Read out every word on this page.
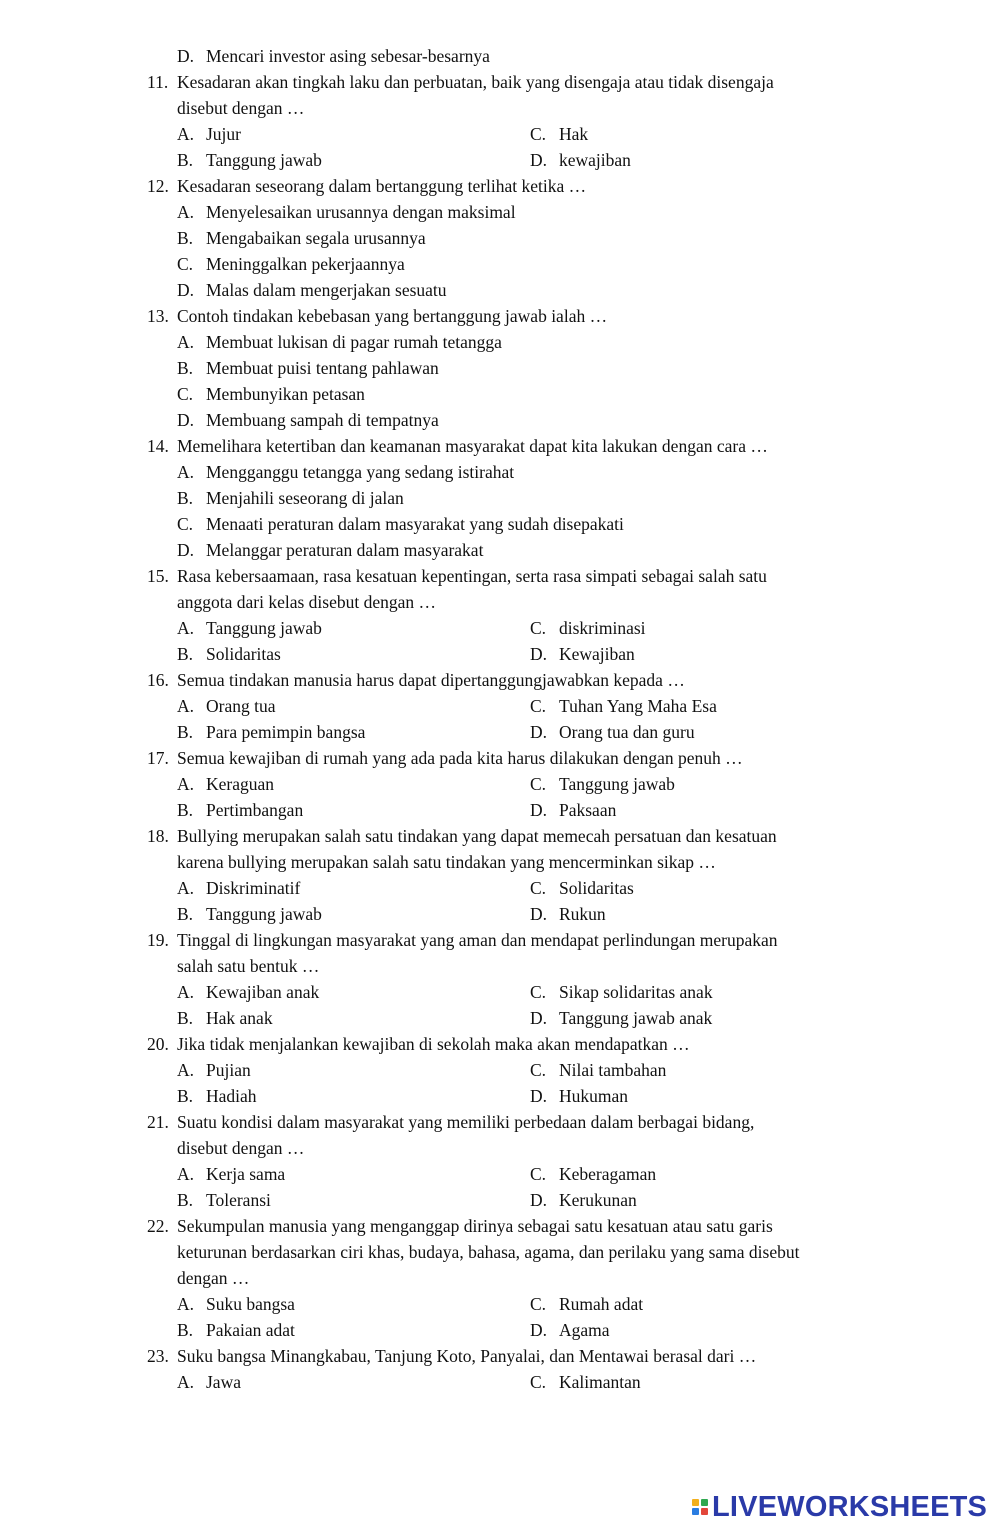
D. Mencari investor asing sebesar-besarnya
11. Kesadaran akan tingkah laku dan perbuatan, baik yang disengaja atau tidak disengaja
disebut dengan …
A. Jujur	C. Hak
B. Tanggung jawab	D. kewajiban
12. Kesadaran seseorang dalam bertanggung terlihat ketika …
A. Menyelesaikan urusannya dengan maksimal
B. Mengabaikan segala urusannya
C. Meninggalkan pekerjaannya
D. Malas dalam mengerjakan sesuatu
13. Contoh tindakan kebebasan yang bertanggung jawab ialah …
A. Membuat lukisan di pagar rumah tetangga
B. Membuat puisi tentang pahlawan
C. Membunyikan petasan
D. Membuang sampah di tempatnya
14. Memelihara ketertiban dan keamanan masyarakat dapat kita lakukan dengan cara …
A. Mengganggu tetangga yang sedang istirahat
B. Menjahili seseorang di jalan
C. Menaati peraturan dalam masyarakat yang sudah disepakati
D. Melanggar peraturan dalam masyarakat
15. Rasa kebersaamaan, rasa kesatuan kepentingan, serta rasa simpati sebagai salah satu
anggota dari kelas disebut dengan …
A. Tanggung jawab	C. diskriminasi
B. Solidaritas	D. Kewajiban
16. Semua tindakan manusia harus dapat dipertanggungjawabkan kepada …
A. Orang tua	C. Tuhan Yang Maha Esa
B. Para pemimpin bangsa	D. Orang tua dan guru
17. Semua kewajiban di rumah yang ada pada kita harus dilakukan dengan penuh …
A. Keraguan	C. Tanggung jawab
B. Pertimbangan	D. Paksaan
18. Bullying merupakan salah satu tindakan yang dapat memecah persatuan dan kesatuan
karena bullying merupakan salah satu tindakan yang mencerminkan sikap …
A. Diskriminatif	C. Solidaritas
B. Tanggung jawab	D. Rukun
19. Tinggal di lingkungan masyarakat yang aman dan mendapat perlindungan merupakan
salah satu bentuk …
A. Kewajiban anak	C. Sikap solidaritas anak
B. Hak anak	D. Tanggung jawab anak
20. Jika tidak menjalankan kewajiban di sekolah maka akan mendapatkan …
A. Pujian	C. Nilai tambahan
B. Hadiah	D. Hukuman
21. Suatu kondisi dalam masyarakat yang memiliki perbedaan dalam berbagai bidang,
disebut dengan …
A. Kerja sama	C. Keberagaman
B. Toleransi	D. Kerukunan
22. Sekumpulan manusia yang menganggap dirinya sebagai satu kesatuan atau satu garis
keturunan berdasarkan ciri khas, budaya, bahasa, agama, dan perilaku yang sama disebut
dengan …
A. Suku bangsa	C. Rumah adat
B. Pakaian adat	D. Agama
23. Suku bangsa Minangkabau, Tanjung Koto, Panyalai, dan Mentawai berasal dari …
A. Jawa	C. Kalimantan
LIVEWORKSHEETS
